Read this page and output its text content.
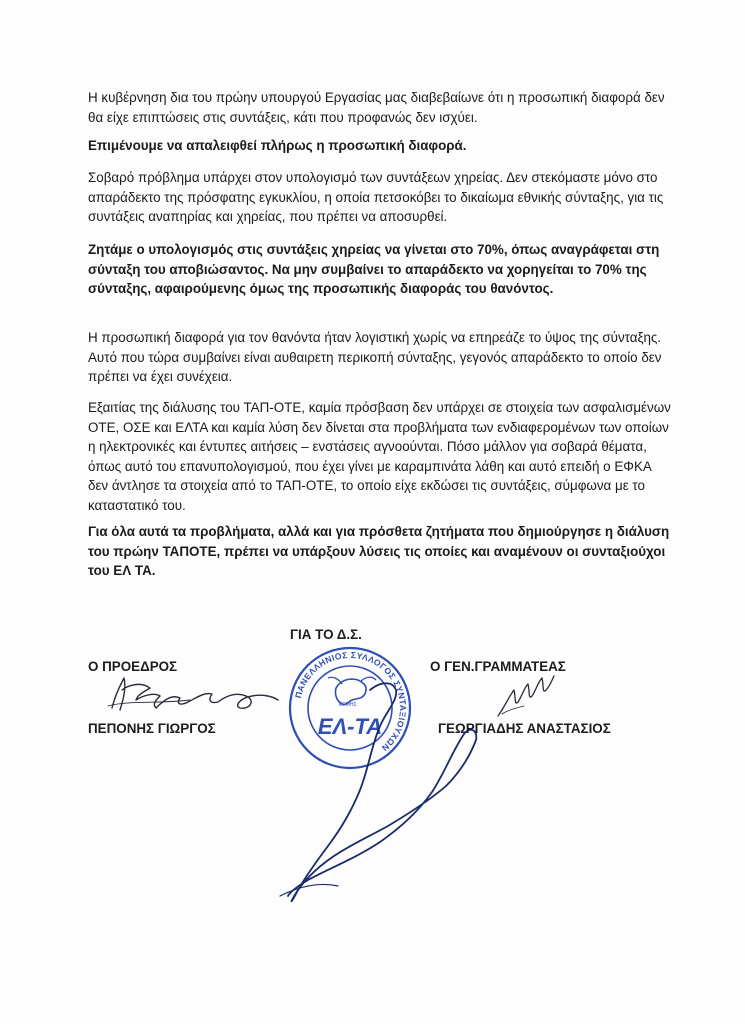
Η κυβέρνηση δια του πρώην υπουργού Εργασίας μας διαβεβαίωνε ότι η προσωπική διαφορά δεν θα είχε επιπτώσεις στις συντάξεις, κάτι που προφανώς δεν ισχύει.

Επιμένουμε να απαλειφθεί πλήρως η προσωπική διαφορά.

Σοβαρό πρόβλημα υπάρχει στον υπολογισμό των συντάξεων χηρείας. Δεν στεκόμαστε μόνο στο απαράδεκτο της πρόσφατης εγκυκλίου, η οποία πετσοκόβει το δικαίωμα εθνικής σύνταξης, για τις συντάξεις αναπηρίας και χηρείας, που πρέπει να αποσυρθεί.

Ζητάμε ο υπολογισμός στις συντάξεις χηρείας να γίνεται στο 70%, όπως αναγράφεται στη σύνταξη του αποβιώσαντος. Να μην συμβαίνει το απαράδεκτο να χορηγείται το 70% της σύνταξης, αφαιρούμενης όμως της προσωπικής διαφοράς του θανόντος.

Η προσωπική διαφορά για τον θανόντα ήταν λογιστική χωρίς να επηρεάζε το ύψος της σύνταξης. Αυτό που τώρα συμβαίνει είναι αυθαιρετη περικοπή σύνταξης, γεγονός απαράδεκτο το οποίο δεν πρέπει να έχει συνέχεια.

Εξαιτίας της διάλυσης του ΤΑΠ-ΟΤΕ, καμία πρόσβαση δεν υπάρχει σε στοιχεία των ασφαλισμένων ΟΤΕ, ΟΣΕ και ΕΛΤΑ και καμία λύση δεν δίνεται στα προβλήματα των ενδιαφερομένων των οποίων η ηλεκτρονικές και έντυπες αιτήσεις – ενστάσεις αγνοούνται. Πόσο μάλλον για σοβαρά θέματα, όπως αυτό του επανυπολογισμού, που έχει γίνει με καραμπινάτα λάθη και αυτό επειδή ο ΕΦΚΑ δεν άντλησε τα στοιχεία από το ΤΑΠ-ΟΤΕ, το οποίο είχε εκδώσει τις συντάξεις, σύμφωνα με το καταστατικό του.

Για όλα αυτά τα προβλήματα, αλλά και για πρόσθετα ζητήματα που δημιούργησε η διάλυση του πρώην ΤΑΠΟΤΕ, πρέπει να υπάρξουν λύσεις τις οποίες και αναμένουν οι συνταξιούχοι του ΕΛ ΤΑ.

ΓΙΑ ΤΟ Δ.Σ.
Ο ΠΡΟΕΔΡΟΣ
ΠΕΠΟΝΗΣ ΓΙΩΡΓΟΣ
Ο ΓΕΝ.ΓΡΑΜΜΑΤΕΑΣ
ΓΕΩΡΓΙΑΔΗΣ ΑΝΑΣΤΑΣΙΟΣ
ΠΑΝΕΛΛΗΝΙΟΣ ΣΥΛΛΟΓΟΣ ΣΥΝΤΑΞΙΟΥΧΩΝ
ΕΡΜΗΣ
ΕΛ-ΤΑ
